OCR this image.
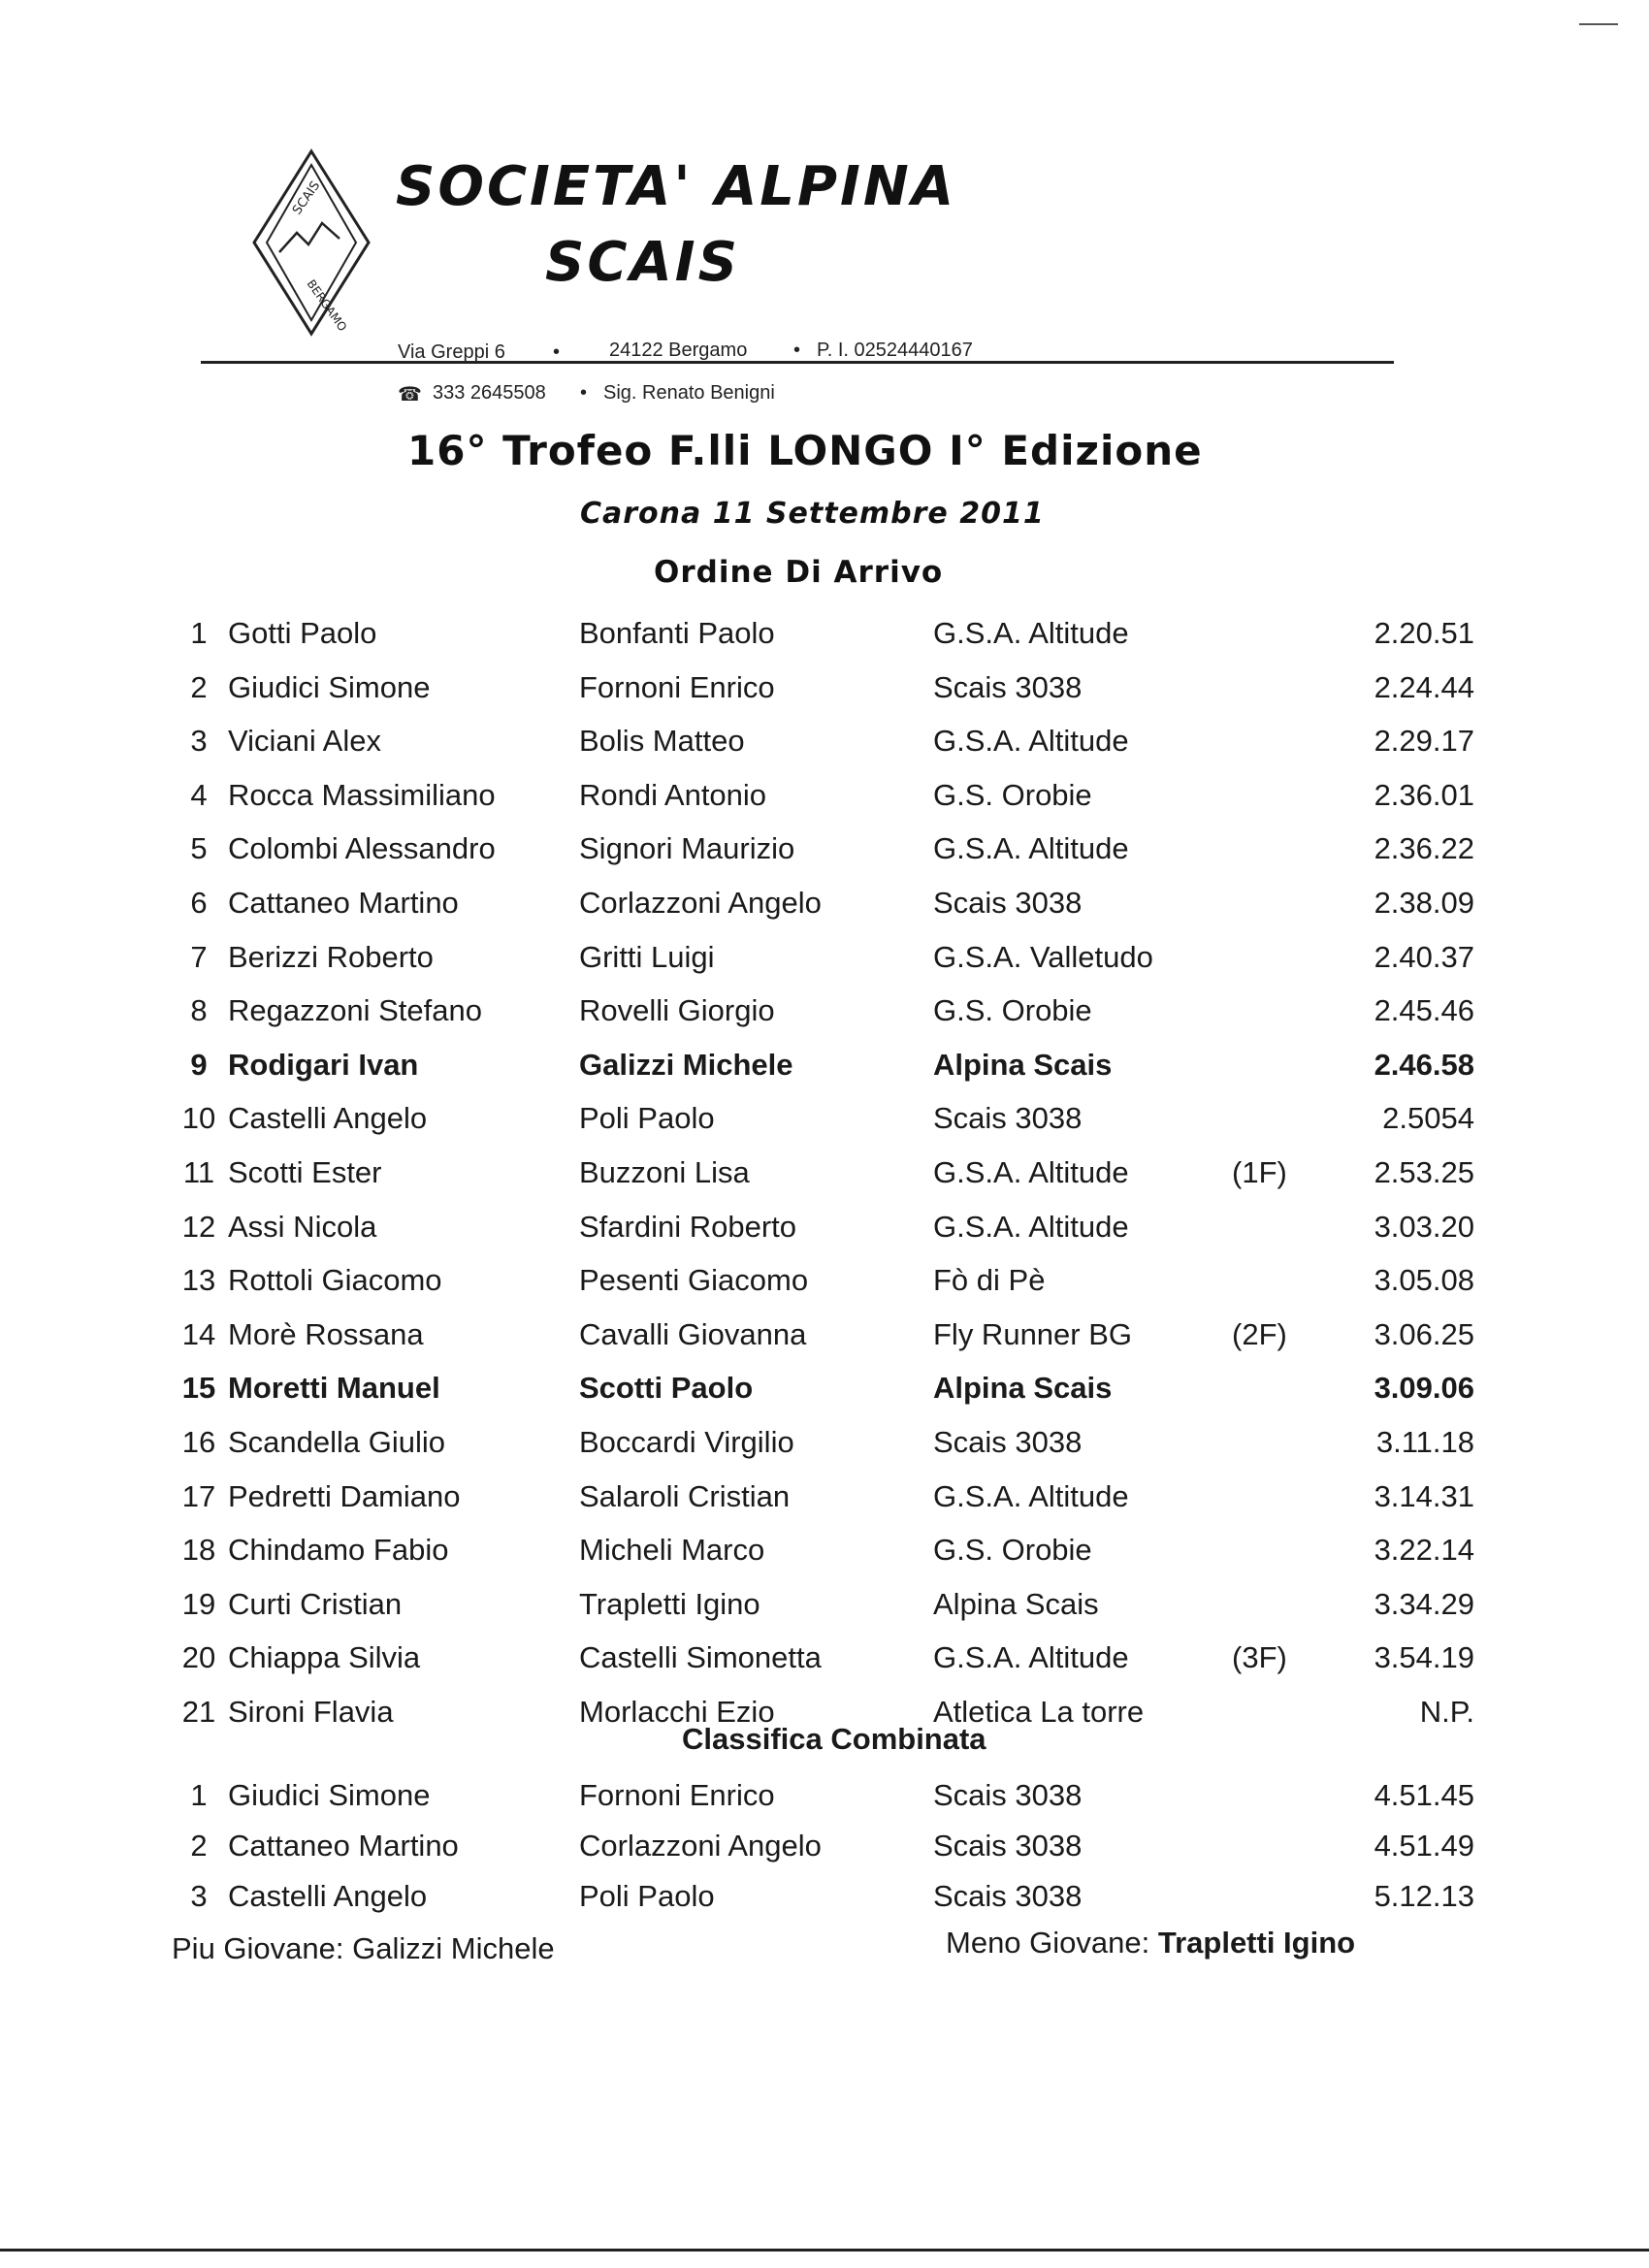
SCAIS
BERGAMO
SOCIETA' ALPINA
SCAIS
Via Greppi 6 •	24122 Bergamo • P. I. 02524440167
☎ 333 2645508 • Sig. Renato Benigni
16° Trofeo F.lli LONGO I° Edizione
Carona 11 Settembre 2011
Ordine Di Arrivo
1 Gotti Paolo	Bonfanti Paolo	G.S.A. Altitude	2.20.51
2 Giudici Simone	Fornoni Enrico	Scais 3038	2.24.44
3 Viciani Alex	Bolis Matteo	G.S.A. Altitude	2.29.17
4 Rocca Massimiliano	Rondi Antonio	G.S. Orobie	2.36.01
5 Colombi Alessandro	Signori Maurizio	G.S.A. Altitude	2.36.22
6 Cattaneo Martino	Corlazzoni Angelo	Scais 3038	2.38.09
7 Berizzi Roberto	Gritti Luigi	G.S.A. Valletudo	2.40.37
8 Regazzoni Stefano	Rovelli Giorgio	G.S. Orobie	2.45.46
9 Rodigari Ivan	Galizzi Michele	Alpina Scais	2.46.58
10 Castelli Angelo	Poli Paolo	Scais 3038	2.5054
11 Scotti Ester	Buzzoni Lisa	G.S.A. Altitude	(1F)	2.53.25
12 Assi Nicola	Sfardini Roberto	G.S.A. Altitude	3.03.20
13 Rottoli Giacomo	Pesenti Giacomo	Fò di Pè	3.05.08
14 Morè Rossana	Cavalli Giovanna	Fly Runner BG	(2F)	3.06.25
15 Moretti Manuel	Scotti Paolo	Alpina Scais	3.09.06
16 Scandella Giulio	Boccardi Virgilio	Scais 3038	3.11.18
17 Pedretti Damiano	Salaroli Cristian	G.S.A. Altitude	3.14.31
18 Chindamo Fabio	Micheli Marco	G.S. Orobie	3.22.14
19 Curti Cristian	Trapletti Igino	Alpina Scais	3.34.29
20 Chiappa Silvia	Castelli Simonetta	G.S.A. Altitude	(3F)	3.54.19
21 Sironi Flavia	Morlacchi Ezio	Atletica La torre	N.P.
Classifica Combinata
1 Giudici Simone	Fornoni Enrico	Scais 3038	4.51.45
2 Cattaneo Martino	Corlazzoni Angelo	Scais 3038	4.51.49
3 Castelli Angelo	Poli Paolo	Scais 3038	5.12.13
Piu Giovane: Galizzi Michele	Meno Giovane: Trapletti Igino
